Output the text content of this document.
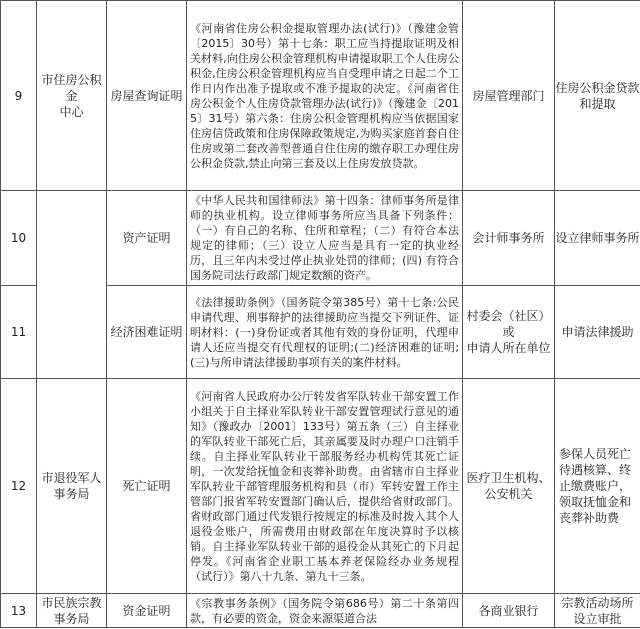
9	市住房公积金
中心	房屋查询证明	《河南省住房公积金提取管理办法(试行)》（豫建金管〔2015〕30号）第十七条：职工应当持提取证明及相关材料,向住房公积金管理机构申请提取职工个人住房公积金,住房公积金管理机构应当自受理申请之日起二个工作日内作出准予提取或不准予提取的决定。《河南省住房公积金个人住房贷款管理办法(试行)》（豫建金〔2015〕31号）第六条：住房公积金管理机构应当依据国家住房信贷政策和住房保障政策规定,为购买家庭首套自住住房或第二套改善型普通自住住房的缴存职工办理住房公积金贷款,禁止向第三套及以上住房发放贷款。	房屋管理部门	住房公积金贷款
和提取

10		资产证明	《中华人民共和国律师法》第十四条：律师事务所是律师的执业机构。设立律师事务所应当具备下列条件：（一）有自己的名称、住所和章程；（二）有符合本法规定的律师；（三）设立人应当是具有一定的执业经历，且三年内未受过停止执业处罚的律师；(四) 有符合国务院司法行政部门规定数额的资产。	会计师事务所	设立律师事务所
11		经济困难证明	《法律援助条例》（国务院令第385号）第十七条:公民申请代理、刑事辩护的法律援助应当提交下列证件、证明材料：(一)身份证或者其他有效的身份证明，代理申请人还应当提交有代理权的证明;(二)经济困难的证明;(三)与所申请法律援助事项有关的案件材料。	村委会（社区）
或
申请人所在单位	申请法律援助
12	市退役军人
事务局	死亡证明	《河南省人民政府办公厅转发省军队转业干部安置工作小组关于自主择业军队转业干部安置管理试行意见的通知》（豫政办〔2001〕133号）第五条（三）自主择业的军队转业干部死亡后，其亲属要及时办理户口注销手续。自主择业军队转业干部服务经办机构凭其死亡证明，一次发给抚恤金和丧葬补助费。由省辖市自主择业军队转业干部管理服务机构和县（市）军转安置工作主管部门报省军转安置部门确认后，提供给省财政部门。省财政部门通过代发银行按规定的标准及时拨入其个人退役金账户，所需费用由财政部在年度决算时予以核销。自主择业军队转业干部的退役金从其死亡的下月起停发。《河南省企业职工基本养老保险经办业务规程（试行）》第八十九条、第九十三条。	医疗卫生机构、
公安机关	参保人员死亡待遇核算、终止缴费账户，领取抚恤金和丧葬补助费
13	市民族宗教
事务局	资金证明	《宗教事务条例》（国务院令第686号）第二十条第四款，有必要的资金，资金来源渠道合法	各商业银行	宗教活动场所
设立审批
